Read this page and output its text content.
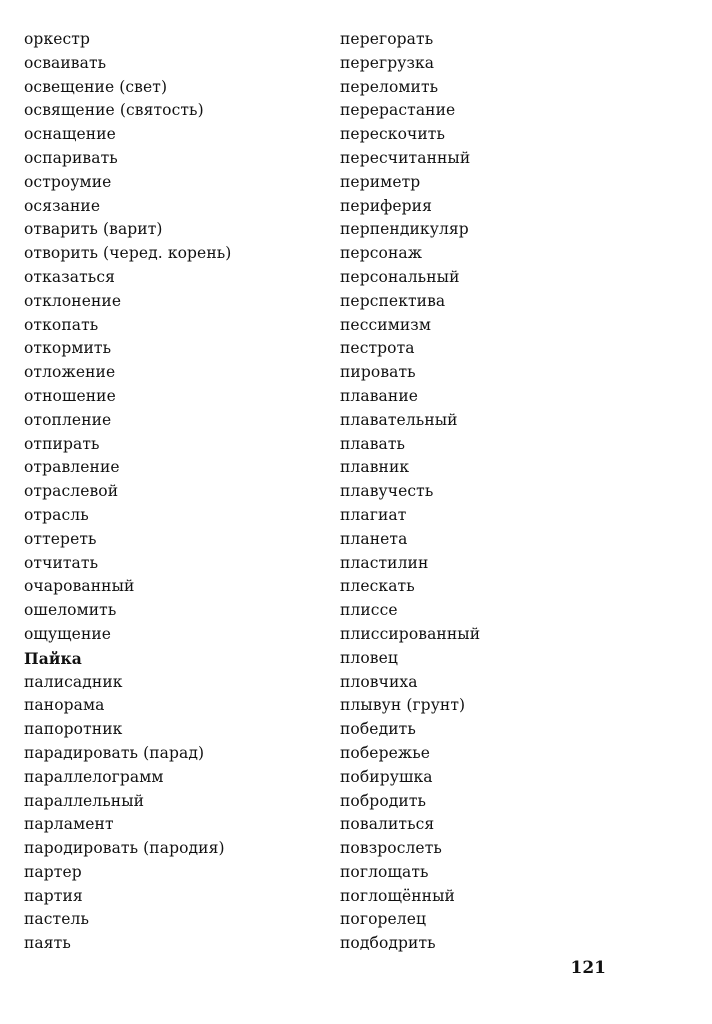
оркестр
осваивать
освещение (свет)
освящение (святость)
оснащение
оспаривать
остроумие
осязание
отварить (варит)
отворить (черед. корень)
отказаться
отклонение
откопать
откормить
отложение
отношение
отопление
отпирать
отравление
отраслевой
отрасль
оттереть
отчитать
очарованный
ошеломить
ощущение
Пайка
палисадник
панорама
папоротник
парадировать (парад)
параллелограмм
параллельный
парламент
пародировать (пародия)
партер
партия
пастель
паять
перегорать
перегрузка
переломить
перерастание
перескочить
пересчитанный
периметр
периферия
перпендикуляр
персонаж
персональный
перспектива
пессимизм
пестрота
пировать
плавание
плавательный
плавать
плавник
плавучесть
плагиат
планета
пластилин
плескать
плиссе
плиссированный
пловец
пловчиха
плывун (грунт)
победить
побережье
побирушка
побродить
повалиться
повзрослеть
поглощать
поглощённый
погорелец
подбодрить
121
